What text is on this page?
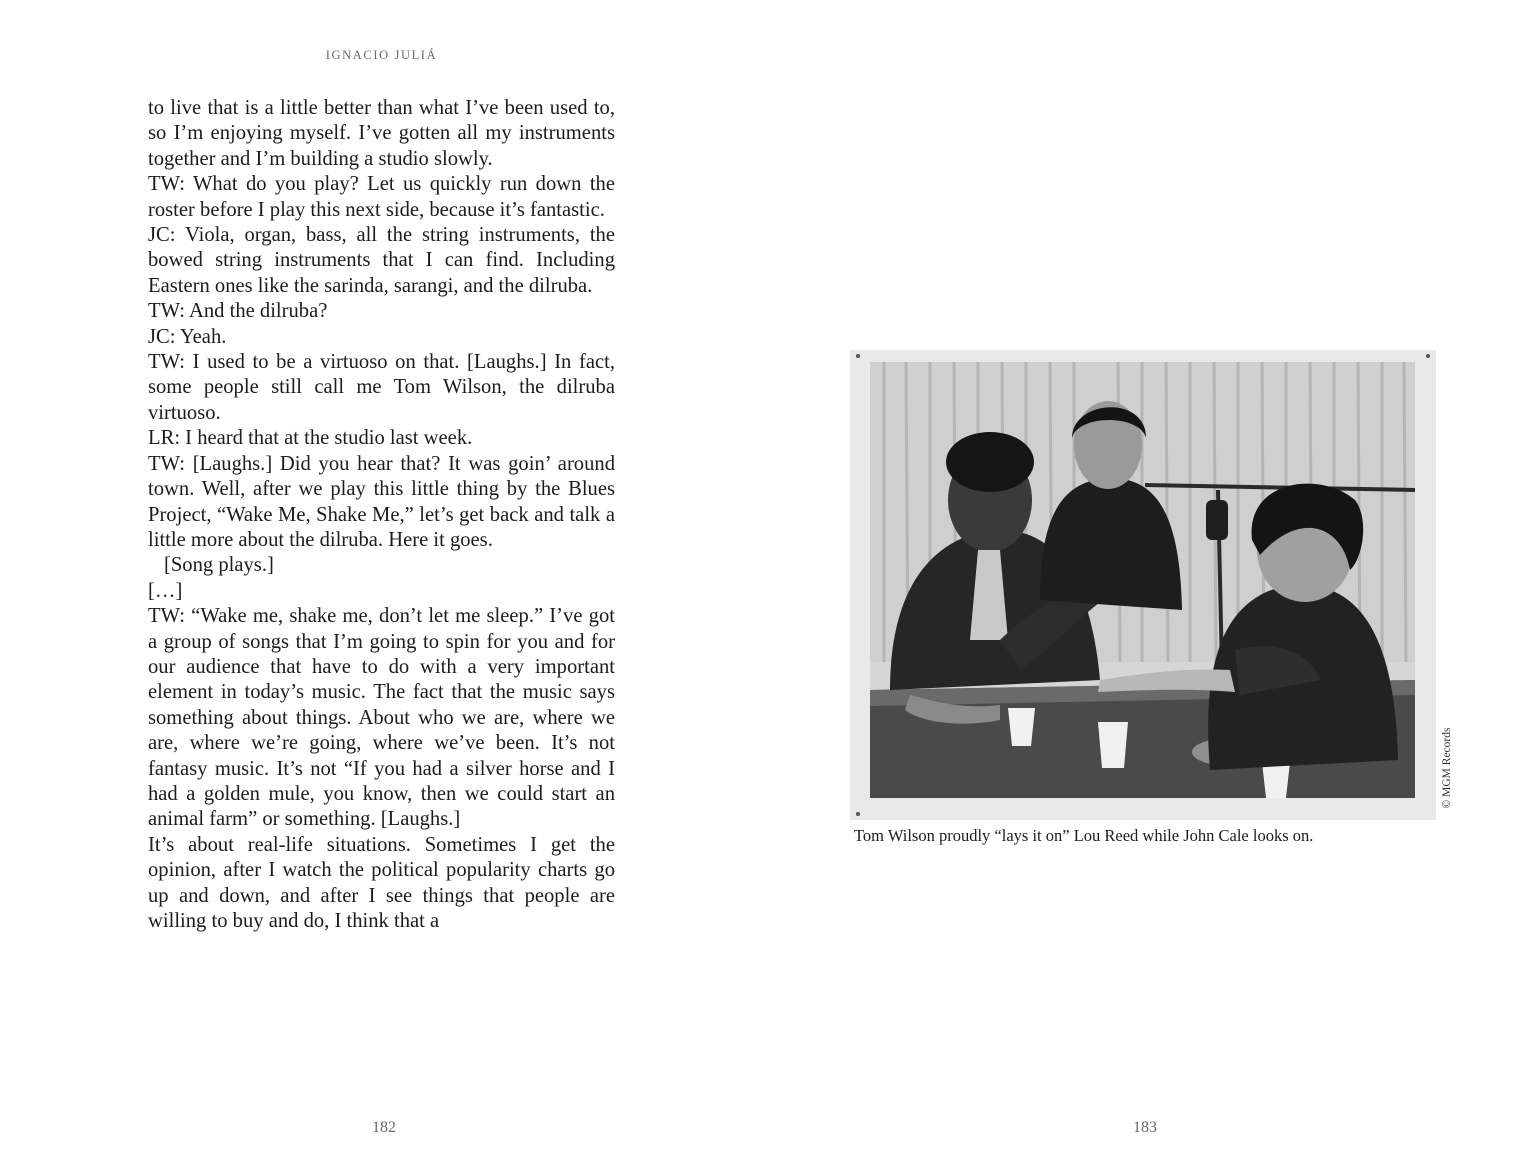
IGNACIO JULIÁ

to live that is a little better than what I’ve been used to, so I’m enjoying myself. I’ve gotten all my instruments together and I’m building a studio slowly.

TW: What do you play? Let us quickly run down the roster before I play this next side, because it’s fantastic.

JC: Viola, organ, bass, all the string instruments, the bowed string instruments that I can find. Including Eastern ones like the sarinda, sarangi, and the dilruba.

TW: And the dilruba?

JC: Yeah.

TW: I used to be a virtuoso on that. [Laughs.] In fact, some people still call me Tom Wilson, the dilruba virtuoso.

LR: I heard that at the studio last week.

TW: [Laughs.] Did you hear that? It was goin’ around town. Well, after we play this little thing by the Blues Project, “Wake Me, Shake Me,” let’s get back and talk a little more about the dilruba. Here it goes.

[Song plays.]

[…]

TW: “Wake me, shake me, don’t let me sleep.” I’ve got a group of songs that I’m going to spin for you and for our audience that have to do with a very important element in today’s music. The fact that the music says something about things. About who we are, where we are, where we’re going, where we’ve been. It’s not fantasy music. It’s not “If you had a silver horse and I had a golden mule, you know, then we could start an animal farm” or something. [Laughs.]

It’s about real-life situations. Sometimes I get the opinion, after I watch the political popularity charts go up and down, and after I see things that people are willing to buy and do, I think that a

182
© MGM Records
Tom Wilson proudly “lays it on” Lou Reed while John Cale looks on.
183
